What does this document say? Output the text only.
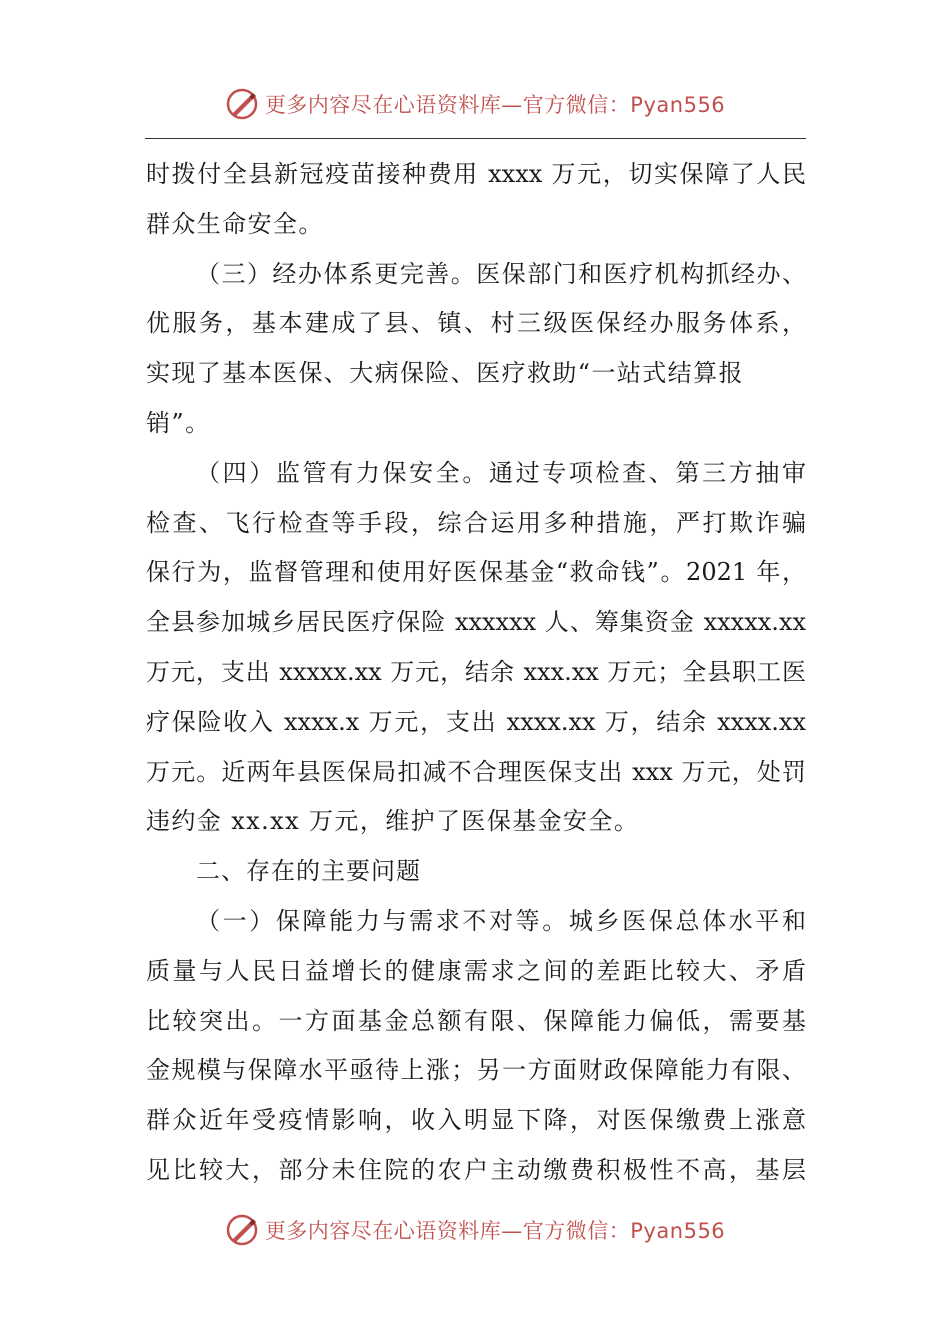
更多内容尽在心语资料库—官方微信：Pyan556
时拨付全县新冠疫苗接种费用 xxxx 万元，切实保障了人民
群众生命安全。
（三）经办体系更完善。医保部门和医疗机构抓经办、
优服务，基本建成了县、镇、村三级医保经办服务体系，
实现了基本医保、大病保险、医疗救助“一站式结算报
销”。
（四）监管有力保安全。通过专项检查、第三方抽审
检查、飞行检查等手段，综合运用多种措施，严打欺诈骗
保行为，监督管理和使用好医保基金“救命钱”。2021 年，
全县参加城乡居民医疗保险 xxxxxx 人、筹集资金 xxxxx.xx
万元，支出 xxxxx.xx 万元，结余 xxx.xx 万元；全县职工医
疗保险收入 xxxx.x 万元，支出 xxxx.xx 万，结余 xxxx.xx
万元。近两年县医保局扣减不合理医保支出 xxx 万元，处罚
违约金 xx.xx 万元，维护了医保基金安全。
二、存在的主要问题
（一）保障能力与需求不对等。城乡医保总体水平和
质量与人民日益增长的健康需求之间的差距比较大、矛盾
比较突出。一方面基金总额有限、保障能力偏低，需要基
金规模与保障水平亟待上涨；另一方面财政保障能力有限、
群众近年受疫情影响，收入明显下降，对医保缴费上涨意
见比较大，部分未住院的农户主动缴费积极性不高，基层
更多内容尽在心语资料库—官方微信：Pyan556
